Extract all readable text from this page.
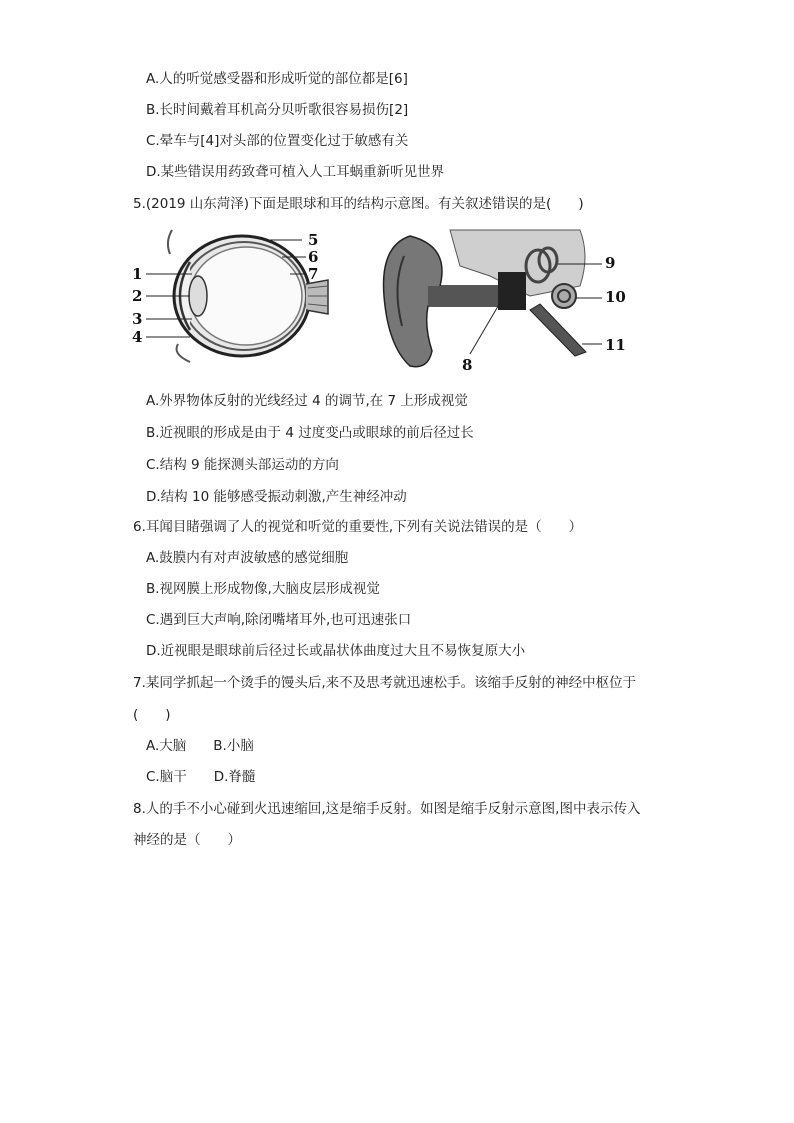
A.人的听觉感受器和形成听觉的部位都是[6]
B.长时间戴着耳机高分贝听歌很容易损伤[2]
C.晕车与[4]对头部的位置变化过于敏感有关
D.某些错误用药致聋可植入人工耳蜗重新听见世界
5.(2019 山东菏泽)下面是眼球和耳的结构示意图。有关叙述错误的是(　　)
1
2
3
4
5
6
7
9
10
11
8
A.外界物体反射的光线经过 4 的调节,在 7 上形成视觉
B.近视眼的形成是由于 4 过度变凸或眼球的前后径过长
C.结构 9 能探测头部运动的方向
D.结构 10 能够感受振动刺激,产生神经冲动
6.耳闻目睹强调了人的视觉和听觉的重要性,下列有关说法错误的是（　　）
A.鼓膜内有对声波敏感的感觉细胞
B.视网膜上形成物像,大脑皮层形成视觉
C.遇到巨大声响,除闭嘴堵耳外,也可迅速张口
D.近视眼是眼球前后径过长或晶状体曲度过大且不易恢复原大小
7.某同学抓起一个烫手的馒头后,来不及思考就迅速松手。该缩手反射的神经中枢位于
(　　)
A.大脑　　B.小脑
C.脑干　　D.脊髓
8.人的手不小心碰到火迅速缩回,这是缩手反射。如图是缩手反射示意图,图中表示传入
神经的是（　　）
